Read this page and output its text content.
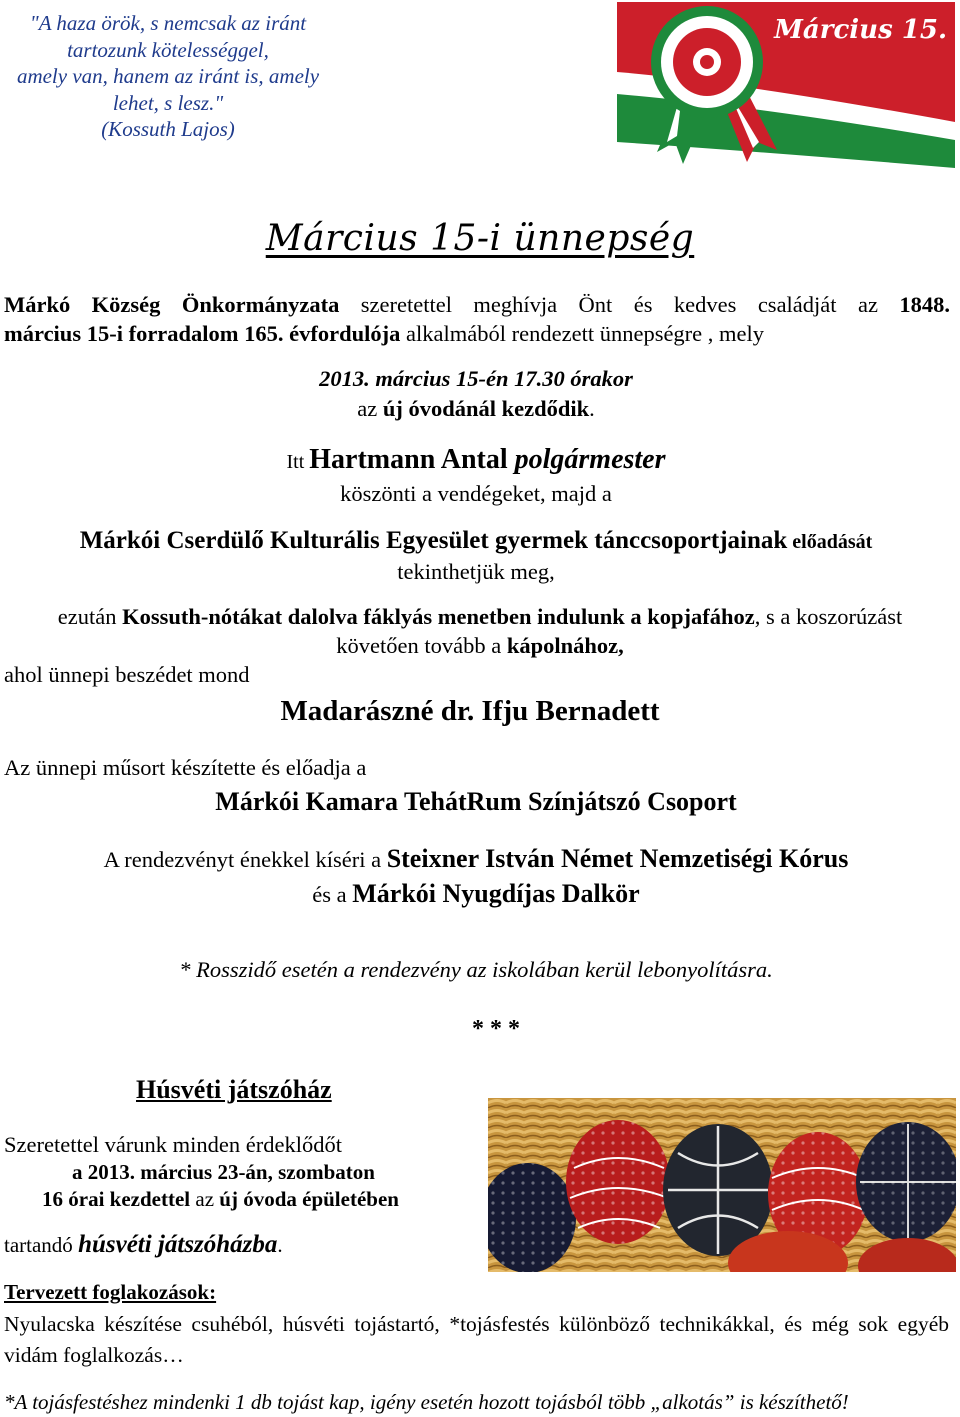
"A haza örök, s nemcsak az iránt
tartozunk kötelességgel,
amely van, hanem az iránt is, amely
lehet, s lesz."
(Kossuth Lajos)
Március 15.
Március 15-i ünnepség
Márkó Község Önkormányzata szeretettel meghívja Önt és kedves családját az 1848.
március 15-i forradalom 165. évfordulója alkalmából rendezett ünnepségre , mely
2013. március 15-én 17.30 órakor
az új óvodánál kezdődik.
Itt Hartmann Antal polgármester
köszönti a vendégeket, majd a
Márkói Cserdülő Kulturális Egyesület gyermek tánccsoportjainak előadását
tekinthetjük meg,
ezután Kossuth-nótákat dalolva fáklyás menetben indulunk a kopjafához, s a koszorúzást
követően tovább a kápolnához,
ahol ünnepi beszédet mond
Madarászné dr. Ifju Bernadett
Az ünnepi műsort készítette és előadja a
Márkói Kamara TehátRum Színjátszó Csoport
A rendezvényt énekkel kíséri a Steixner István Német Nemzetiségi Kórus
és a Márkói Nyugdíjas Dalkör
* Rosszidő esetén a rendezvény az iskolában kerül lebonyolításra.
* * *
Húsvéti játszóház
Szeretettel várunk minden érdeklődőt
a 2013. március 23-án, szombaton
16 órai kezdettel az új óvoda épületében
tartandó húsvéti játszóházba.
Tervezett foglakozások:
Nyulacska készítése csuhéból, húsvéti tojástartó, *tojásfestés különböző technikákkal, és még sok egyéb vidám foglalkozás…
*A tojásfestéshez mindenki 1 db tojást kap, igény esetén hozott tojásból több „alkotás” is készíthető!
